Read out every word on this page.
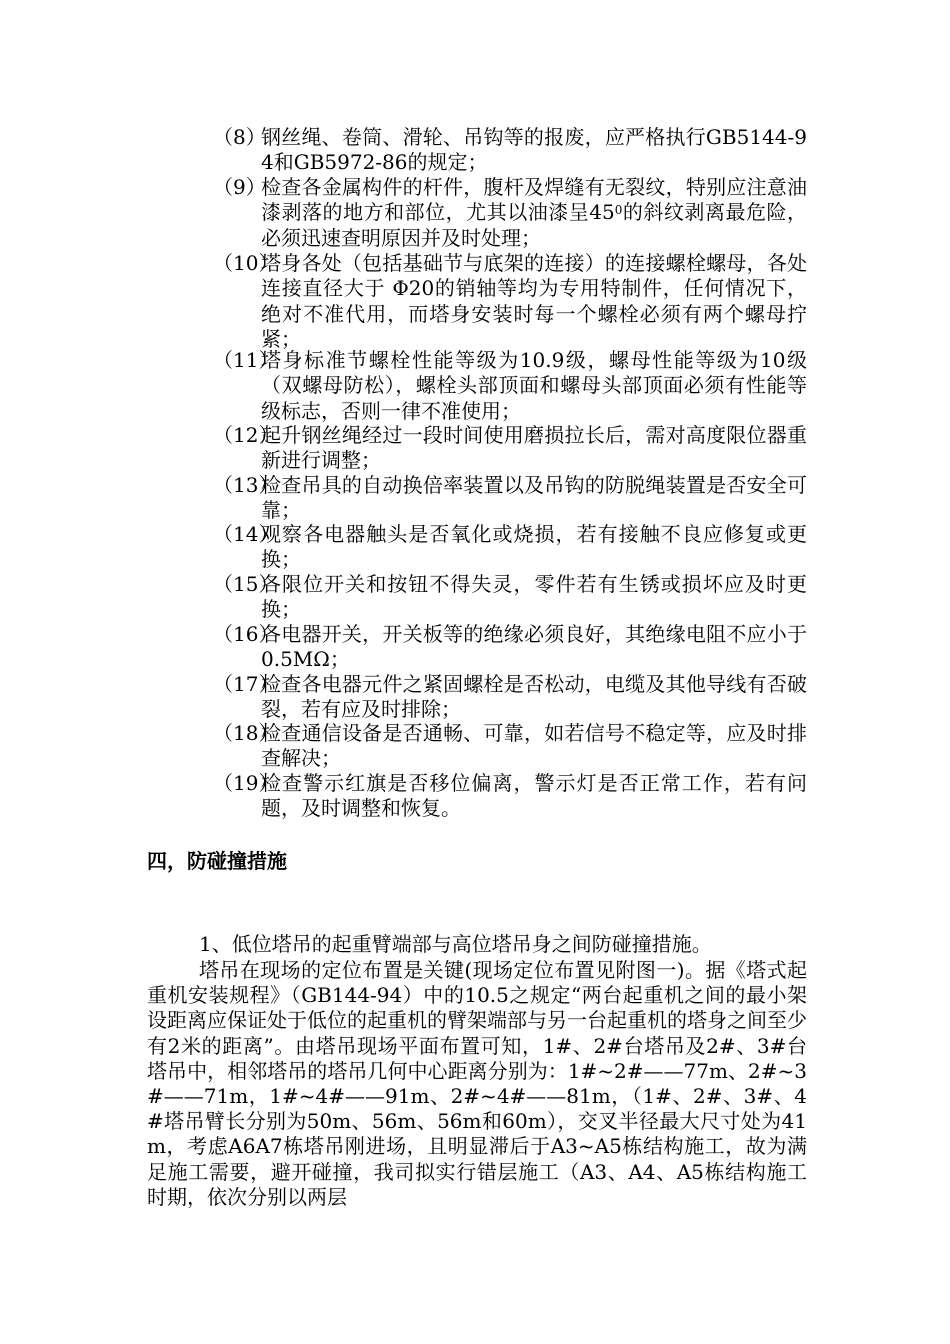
（8）
钢丝绳、卷筒、滑轮、吊钩等的报废，应严格执行GB5144-94和GB5972-86的规定；
（9）
检查各金属构件的杆件，腹杆及焊缝有无裂纹，特别应注意油漆剥落的地方和部位，尤其以油漆呈$45^0$的斜纹剥离最危险，必须迅速查明原因并及时处理；
（10）
塔身各处（包括基础节与底架的连接）的连接螺栓螺母，各处连接直径大于 Φ20的销轴等均为专用特制件，任何情况下，绝对不准代用，而塔身安装时每一个螺栓必须有两个螺母拧紧；
（11）
塔身标准节螺栓性能等级为10.9级，螺母性能等级为10级（双螺母防松），螺栓头部顶面和螺母头部顶面必须有性能等级标志，否则一律不准使用；
（12）
起升钢丝绳经过一段时间使用磨损拉长后，需对高度限位器重新进行调整；
（13）
检查吊具的自动换倍率装置以及吊钩的防脱绳装置是否安全可靠；
（14）
观察各电器触头是否氧化或烧损，若有接触不良应修复或更换；
（15）
各限位开关和按钮不得失灵，零件若有生锈或损坏应及时更换；
（16）
各电器开关，开关板等的绝缘必须良好，其绝缘电阻不应小于0.5MΩ；
（17）
检查各电器元件之紧固螺栓是否松动，电缆及其他导线有否破裂，若有应及时排除；
（18）
检查通信设备是否通畅、可靠，如若信号不稳定等，应及时排查解决；
（19）
检查警示红旗是否移位偏离，警示灯是否正常工作，若有问题，及时调整和恢复。
四，防碰撞措施
1、低位塔吊的起重臂端部与高位塔吊身之间防碰撞措施。
塔吊在现场的定位布置是关键(现场定位布置见附图一)。据《塔式起重机安装规程》（GB144-94）中的10.5之规定“两台起重机之间的最小架设距离应保证处于低位的起重机的臂架端部与另一台起重机的塔身之间至少有2米的距离”。由塔吊现场平面布置可知，1#、2#台塔吊及2#、3#台塔吊中，相邻塔吊的塔吊几何中心距离分别为：1#~2#——77m、2#~3#——71m，1#~4#——91m、2#~4#——81m，（1#、2#、3#、4#塔吊臂长分别为50m、56m、56m和60m），交叉半径最大尺寸处为41m，考虑A6A7栋塔吊刚进场，且明显滞后于A3~A5栋结构施工，故为满足施工需要，避开碰撞，我司拟实行错层施工（A3、A4、A5栋结构施工时期，依次分别以两层
